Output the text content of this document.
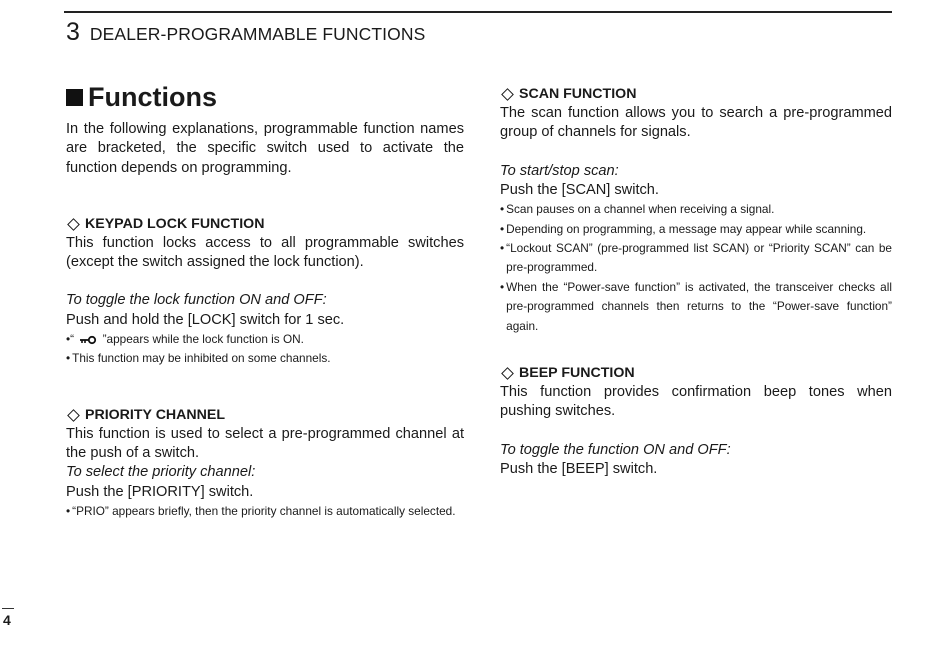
3 DEALER-PROGRAMMABLE FUNCTIONS
Functions

In the following explanations, programmable function names are bracketed, the specific switch used to activate the function depends on programming.

KEYPAD LOCK FUNCTION

This function locks access to all programmable switches (except the switch assigned the lock function).

To toggle the lock function ON and OFF:

Push and hold the [LOCK] switch for 1 sec.

•“ ”appears while the lock function is ON.

• This function may be inhibited on some channels.

PRIORITY CHANNEL

This function is used to select a pre-programmed channel at the push of a switch.

To select the priority channel:

Push the [PRIORITY] switch.

• “PRIO” appears briefly, then the priority channel is automatically selected.

SCAN FUNCTION

The scan function allows you to search a pre-programmed group of channels for signals.

To start/stop scan:

Push the [SCAN] switch.

• Scan pauses on a channel when receiving a signal.

• Depending on programming, a message may appear while scanning.

• “Lockout SCAN” (pre-programmed list SCAN) or “Priority SCAN” can be pre-programmed.

• When the “Power-save function” is activated, the transceiver checks all pre-programmed channels then returns to the “Power-save function” again.

BEEP FUNCTION

This function provides confirmation beep tones when pushing switches.

To toggle the function ON and OFF:

Push the [BEEP] switch.

4
